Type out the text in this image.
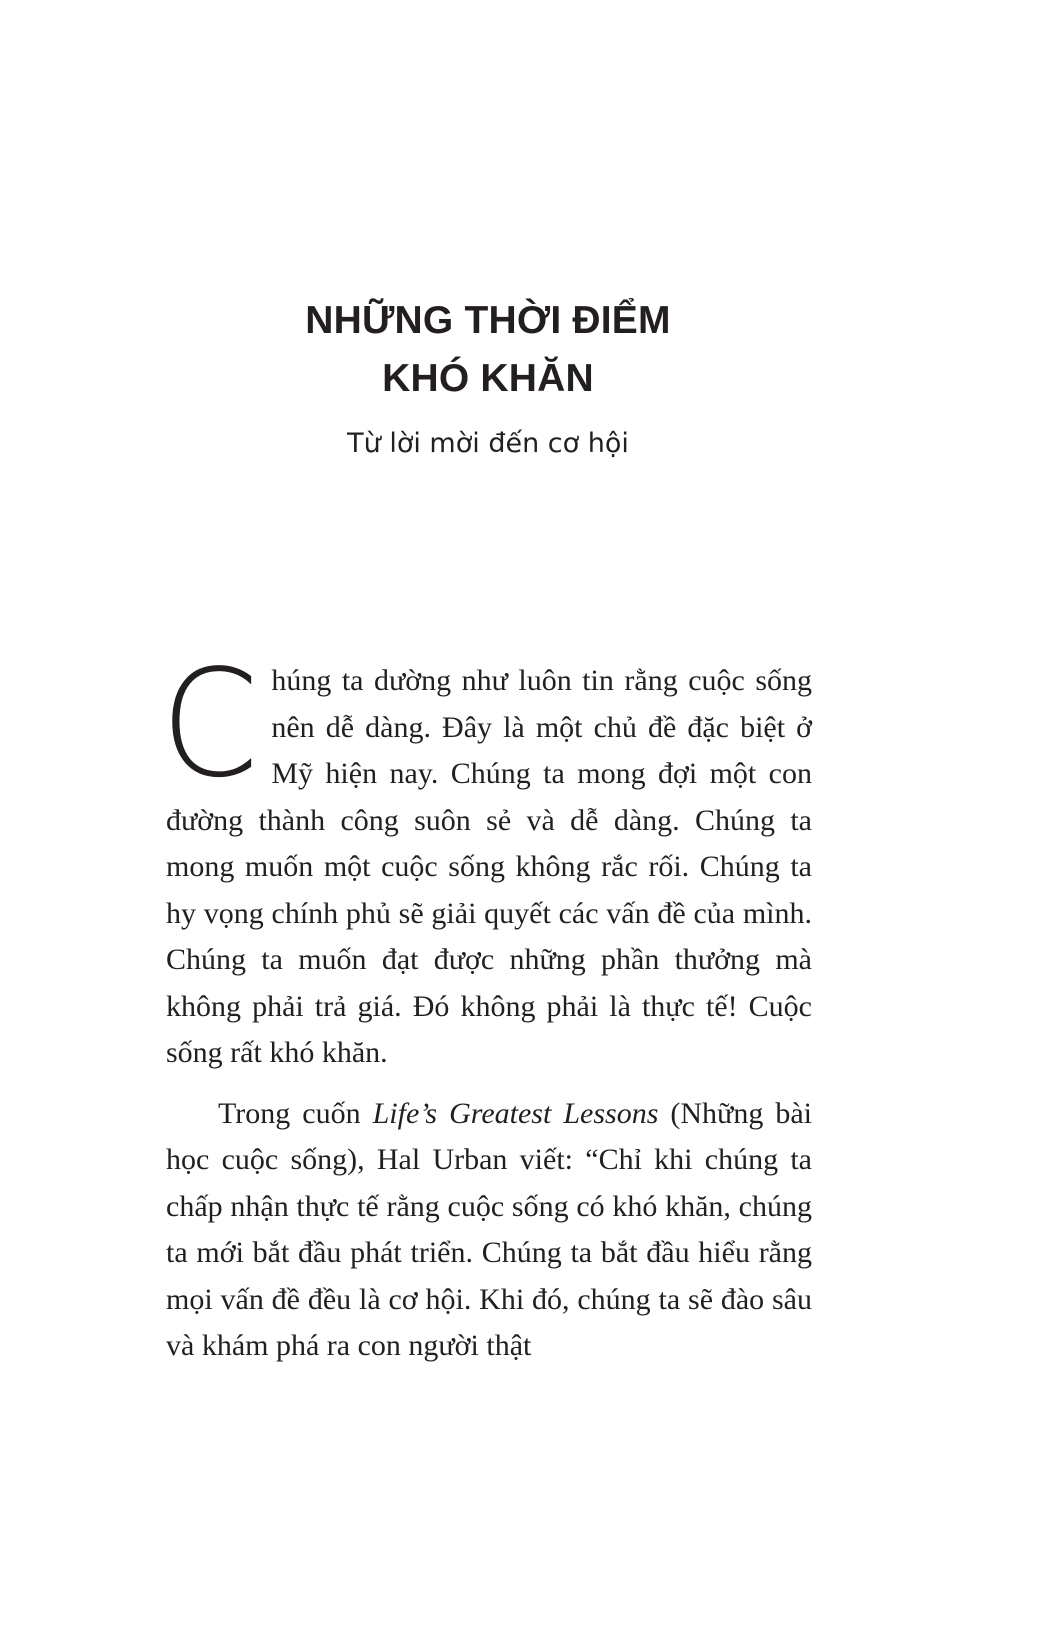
NHỮNG THỜI ĐIỂM
KHÓ KHĂN
Từ lời mời đến cơ hội

Chúng ta dường như luôn tin rằng cuộc sống nên dễ dàng. Đây là một chủ đề đặc biệt ở Mỹ hiện nay. Chúng ta mong đợi một con đường thành công suôn sẻ và dễ dàng. Chúng ta mong muốn một cuộc sống không rắc rối. Chúng ta hy vọng chính phủ sẽ giải quyết các vấn đề của mình. Chúng ta muốn đạt được những phần thưởng mà không phải trả giá. Đó không phải là thực tế! Cuộc sống rất khó khăn.

Trong cuốn Life’s Greatest Lessons (Những bài học cuộc sống), Hal Urban viết: “Chỉ khi chúng ta chấp nhận thực tế rằng cuộc sống có khó khăn, chúng ta mới bắt đầu phát triển. Chúng ta bắt đầu hiểu rằng mọi vấn đề đều là cơ hội. Khi đó, chúng ta sẽ đào sâu và khám phá ra con người thật
